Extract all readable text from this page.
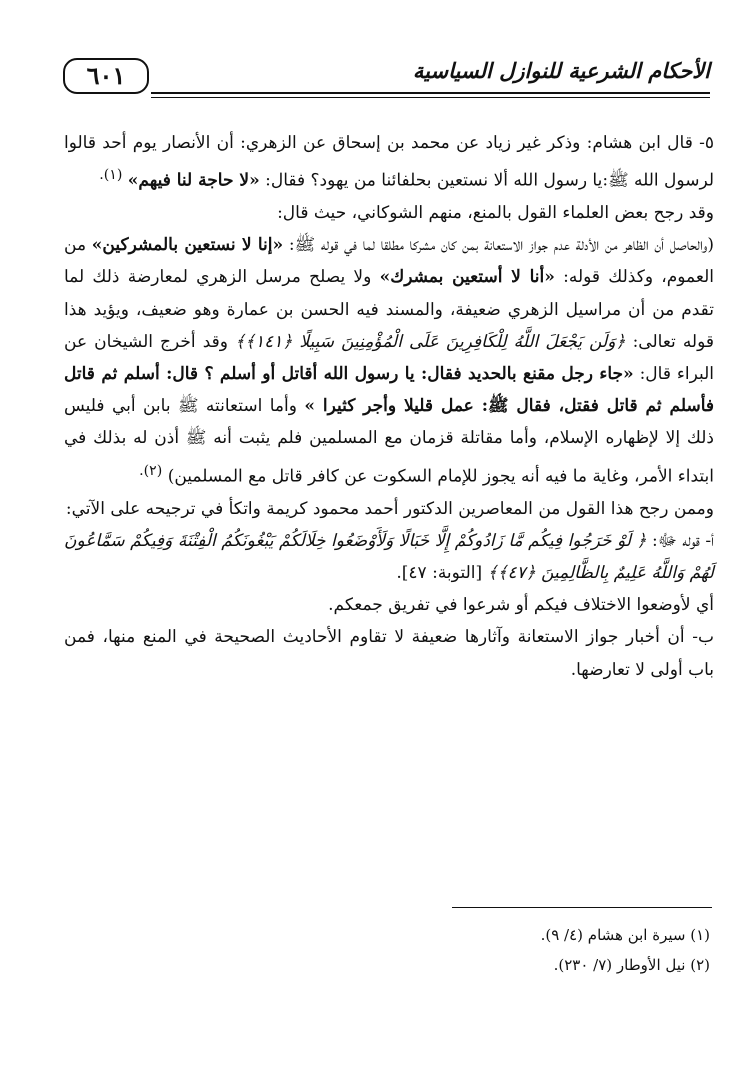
٦٠١	الأحكام الشرعية للنوازل السياسية

٥- قال ابن هشام: وذكر غير زياد عن محمد بن إسحاق عن الزهري: أن الأنصار يوم أحد قالوا لرسول الله ﷺ:يا رسول الله ألا نستعين بحلفائنا من يهود؟ فقال: «لا حاجة لنا فيهم» $^{(١).}$

وقد رجح بعض العلماء القول بالمنع، منهم الشوكاني، حيث قال:

(والحاصل أن الظاهر من الأدلة عدم جواز الاستعانة بمن كان مشركا مطلقا لما في قوله ﷺ: «إنا لا نستعين بالمشركين» من العموم، وكذلك قوله: «أنا لا أستعين بمشرك» ولا يصلح مرسل الزهري لمعارضة ذلك لما تقدم من أن مراسيل الزهري ضعيفة، والمسند فيه الحسن بن عمارة وهو ضعيف، ويؤيد هذا قوله تعالى: ﴿وَلَن يَجْعَلَ اللَّهُ لِلْكَافِرِينَ عَلَى الْمُؤْمِنِينَ سَبِيلًا ﴿١٤١﴾﴾ وقد أخرج الشيخان عن البراء قال: «جاء رجل مقنع بالحديد فقال: يا رسول الله أقاتل أو أسلم ؟ قال: أسلم ثم قاتل فأسلم ثم قاتل فقتل، فقال ﷺ: عمل قليلا وأجر كثيرا » وأما استعانته ﷺ بابن أبي فليس ذلك إلا لإظهاره الإسلام، وأما مقاتلة قزمان مع المسلمين فلم يثبت أنه ﷺ أذن له بذلك في ابتداء الأمر، وغاية ما فيه أنه يجوز للإمام السكوت عن كافر قاتل مع المسلمين) $^{(٢).}$

وممن رجح هذا القول من المعاصرين الدكتور أحمد محمود كريمة واتكأ في ترجيحه على الآتي:

أ- قوله ﷻ: ﴿ لَوْ خَرَجُوا فِيكُم مَّا زَادُوكُمْ إِلَّا خَبَالًا وَلَأَوْضَعُوا خِلَالَكُمْ يَبْغُونَكُمُ الْفِتْنَةَ وَفِيكُمْ سَمَّاعُونَ لَهُمْ وَاللَّهُ عَلِيمٌ بِالظَّالِمِينَ ﴿٤٧﴾﴾ [التوبة: ٤٧].

أي لأوضعوا الاختلاف فيكم أو شرعوا في تفريق جمعكم.

ب- أن أخبار جواز الاستعانة وآثارها ضعيفة لا تقاوم الأحاديث الصحيحة في المنع منها، فمن باب أولى لا تعارضها.

(١) سيرة ابن هشام (٤/ ٩).

(٢) نيل الأوطار (٧/ ٢٣٠).
